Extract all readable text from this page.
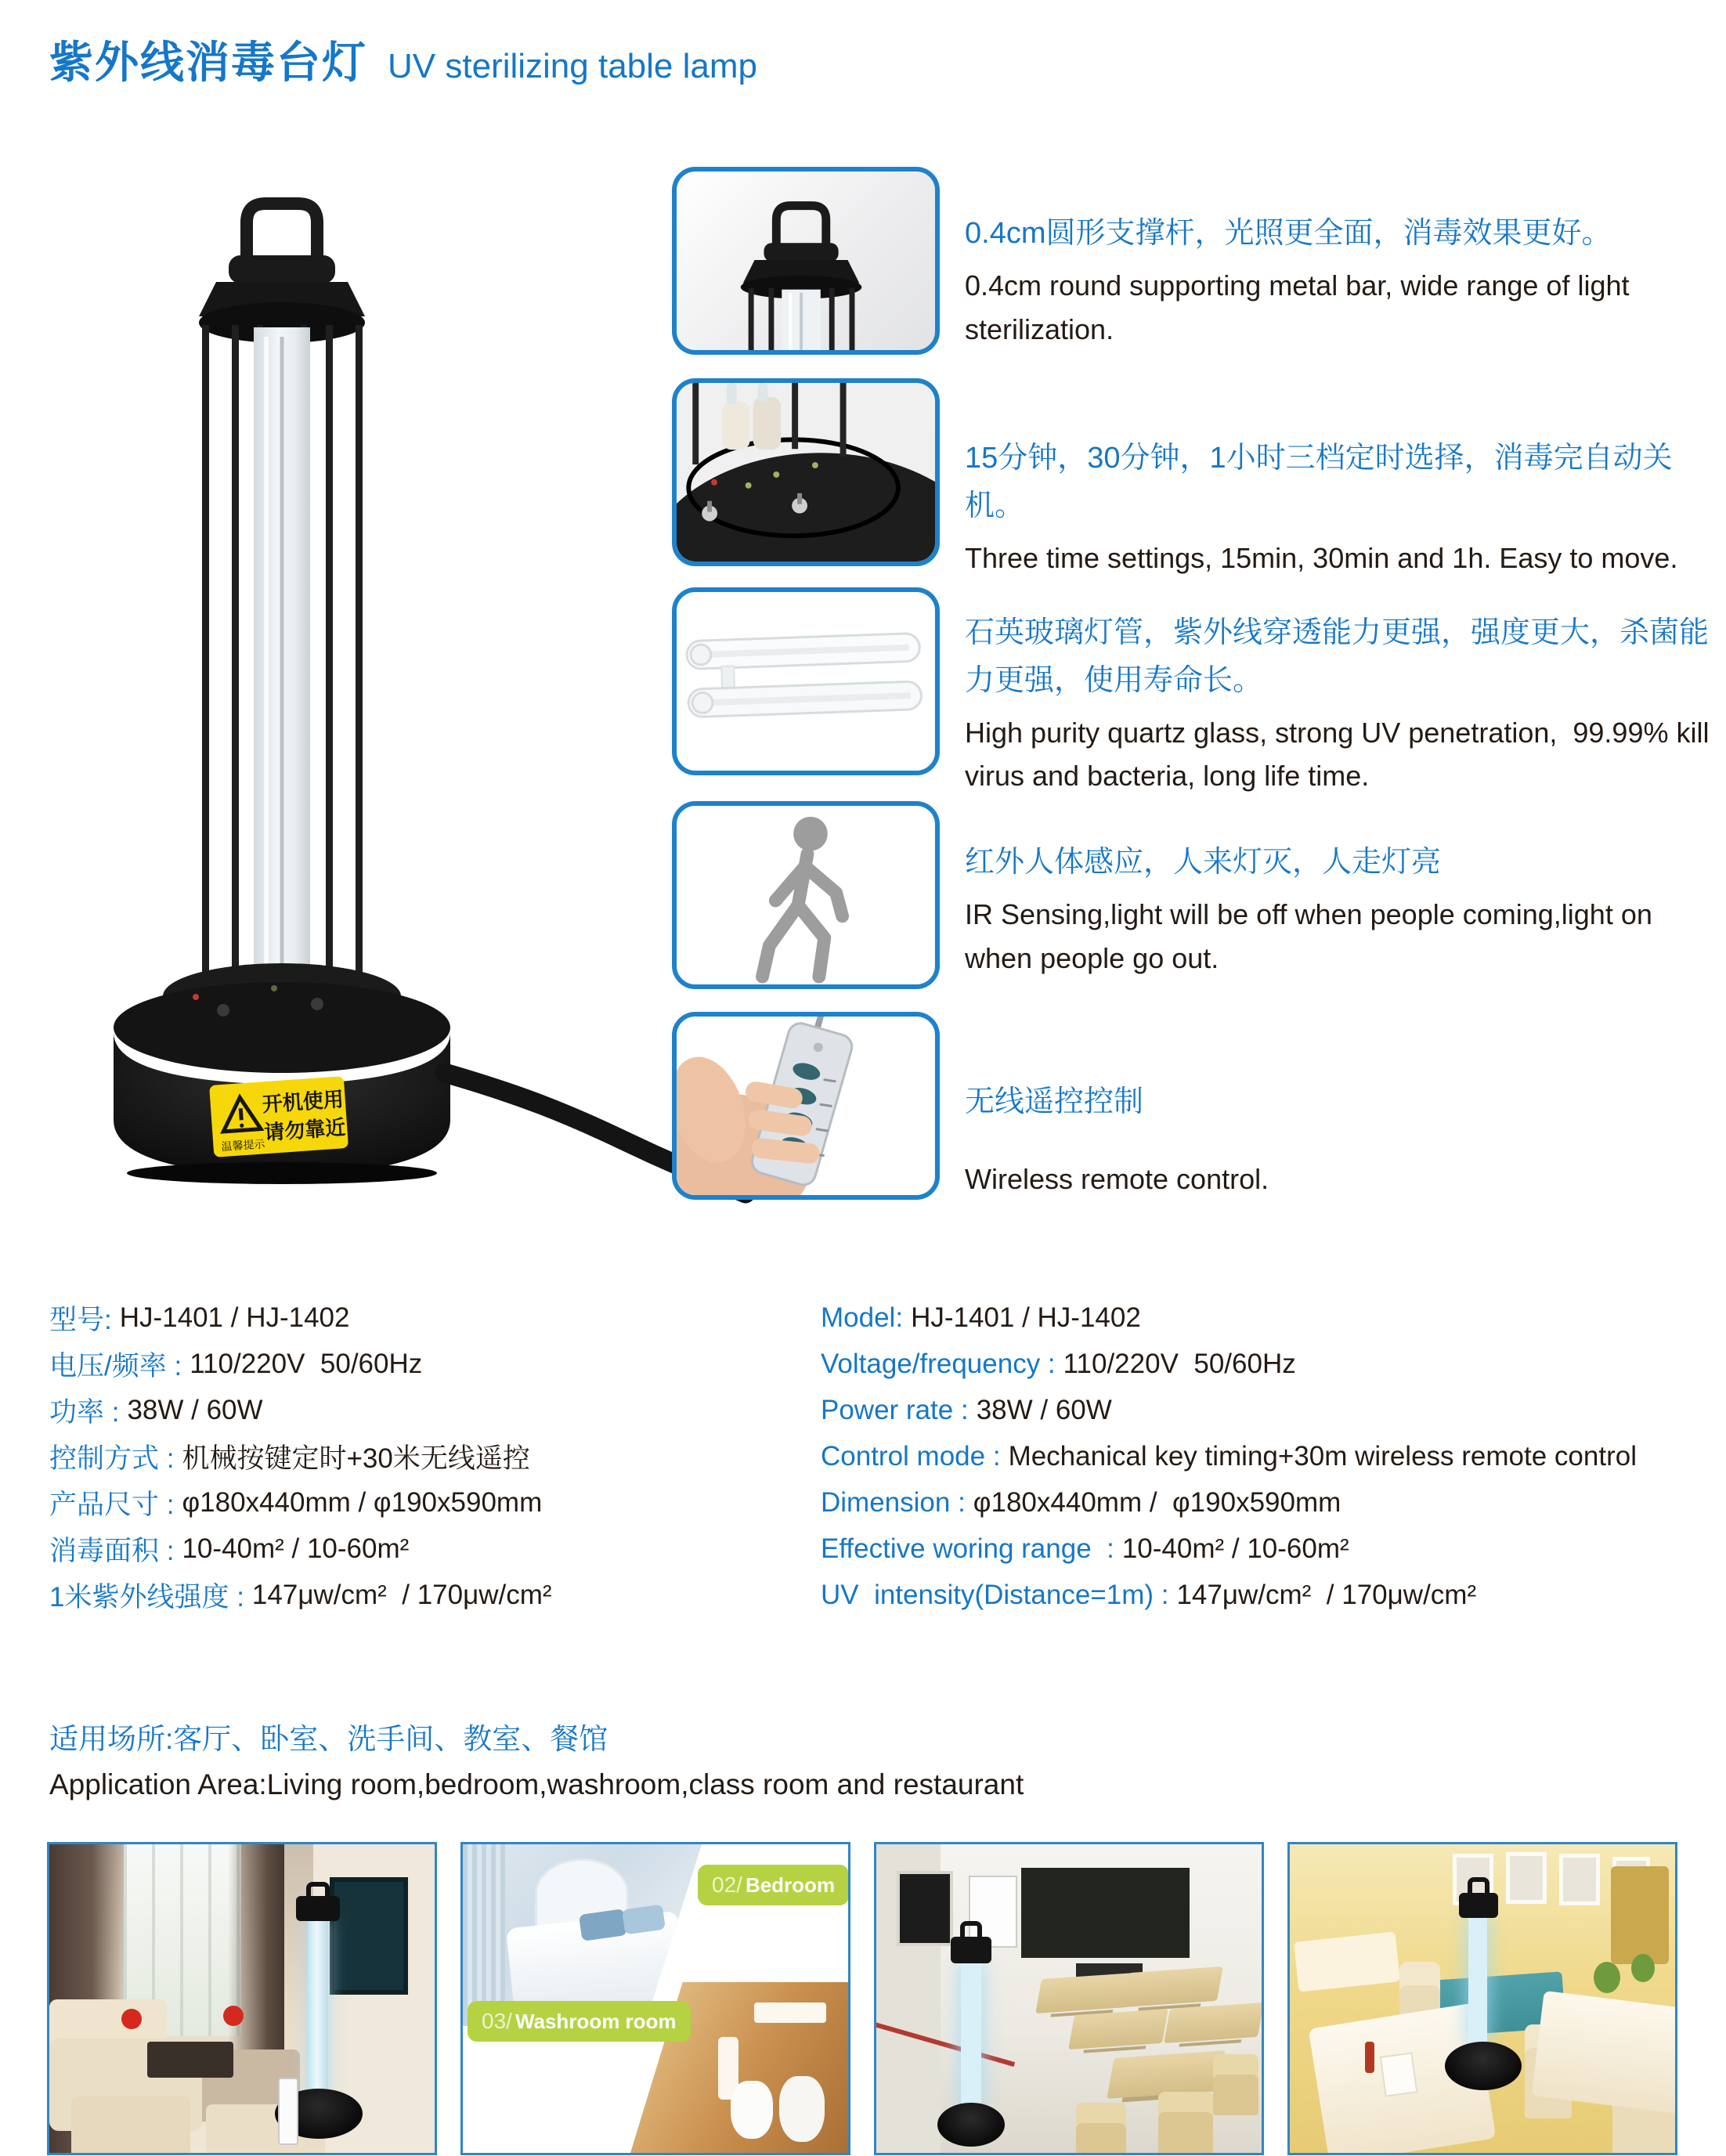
紫外线消毒台灯 UV sterilizing table lamp
温馨提示
开机使用
请勿靠近

0.4cm圆形支撑杆，光照更全面，消毒效果更好。

0.4cm round supporting metal bar, wide range of light sterilization.

15分钟，30分钟，1小时三档定时选择，消毒完自动关机。

Three time settings, 15min, 30min and 1h. Easy to move.

石英玻璃灯管，紫外线穿透能力更强，强度更大，杀菌能力更强，使用寿命长。

High purity quartz glass, strong UV penetration,  99.99% kill virus and bacteria, long life time.

红外人体感应，人来灯灭，人走灯亮

IR Sensing,light will be off when people coming,light on when people go out.

无线遥控控制

Wireless remote control.

型号: HJ-1401 / HJ-1402
电压/频率 : 110/220V  50/60Hz
功率 : 38W / 60W
控制方式 : 机械按键定时+30米无线遥控
产品尺寸 : φ180x440mm / φ190x590mm
消毒面积 : 10-40m² / 10-60m²
1米紫外线强度 : 147μw/cm²  / 170μw/cm²
Model: HJ-1401 / HJ-1402
Voltage/frequency : 110/220V  50/60Hz
Power rate : 38W / 60W
Control mode : Mechanical key timing+30m wireless remote control
Dimension : φ180x440mm /  φ190x590mm
Effective woring range  : 10-40m² / 10-60m²
UV  intensity(Distance=1m) : 147μw/cm²  / 170μw/cm²
适用场所:客厅、卧室、洗手间、教室、餐馆
Application Area:Living room,bedroom,washroom,class room and restaurant
02/ Bedroom
03/ Washroom room
